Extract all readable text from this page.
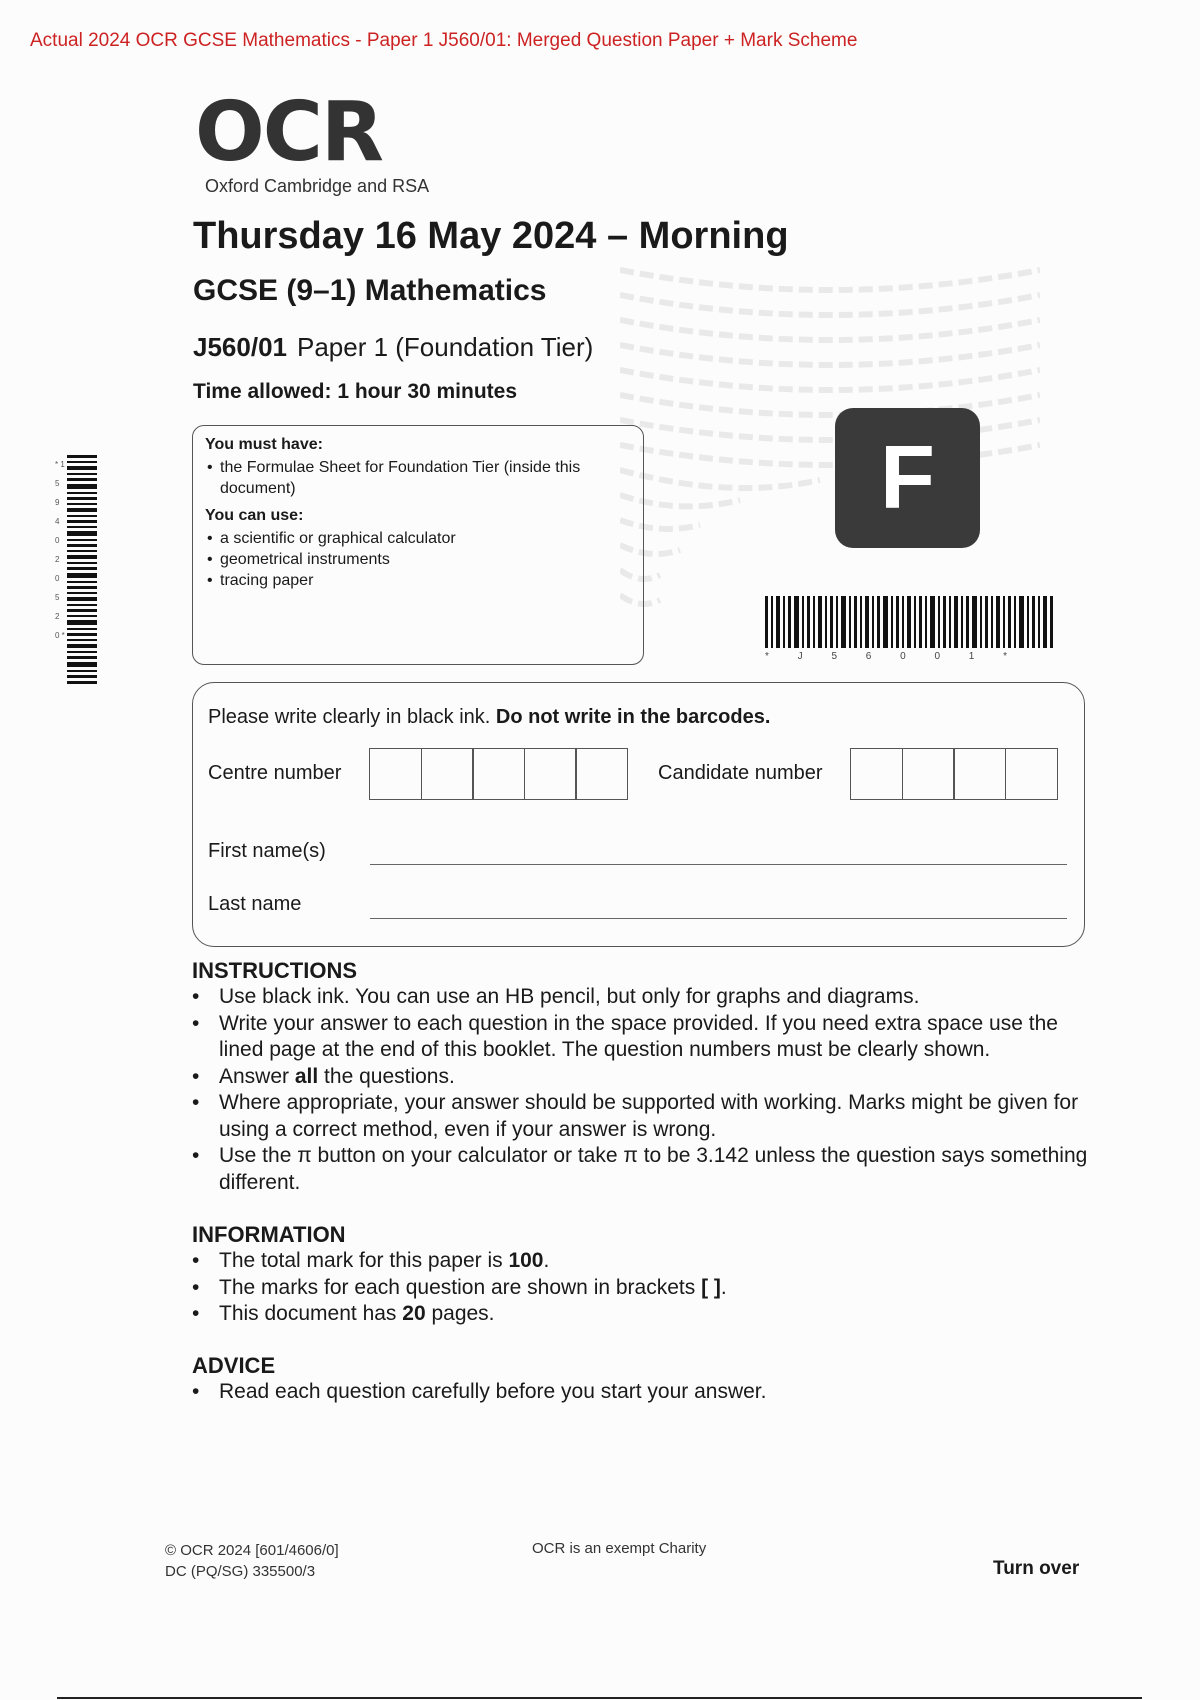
Actual 2024 OCR GCSE Mathematics - Paper 1 J560/01: Merged Question Paper + Mark Scheme
OCR
Oxford Cambridge and RSA
Thursday 16 May 2024 – Morning
GCSE (9–1) Mathematics
J560/01 Paper 1 (Foundation Tier)
Time allowed: 1 hour 30 minutes
You must have:
• the Formulae Sheet for Foundation Tier (inside this document)
You can use:
• a scientific or graphical calculator
• geometrical instruments
• tracing paper
F
* J 5 6 0 0 1 *
* 1 5 9 4 0 2 0 5 2 0 *
Please write clearly in black ink. Do not write in the barcodes.
Centre number	Candidate number
First name(s)
Last name
INSTRUCTIONS
• Use black ink. You can use an HB pencil, but only for graphs and diagrams.
• Write your answer to each question in the space provided. If you need extra space use the lined page at the end of this booklet. The question numbers must be clearly shown.
• Answer all the questions.
• Where appropriate, your answer should be supported with working. Marks might be given for using a correct method, even if your answer is wrong.
• Use the π button on your calculator or take π to be 3.142 unless the question says something different.
INFORMATION
• The total mark for this paper is 100.
• The marks for each question are shown in brackets [ ].
• This document has 20 pages.
ADVICE
• Read each question carefully before you start your answer.
© OCR 2024 [601/4606/0]
DC (PQ/SG) 335500/3
OCR is an exempt Charity
Turn over
